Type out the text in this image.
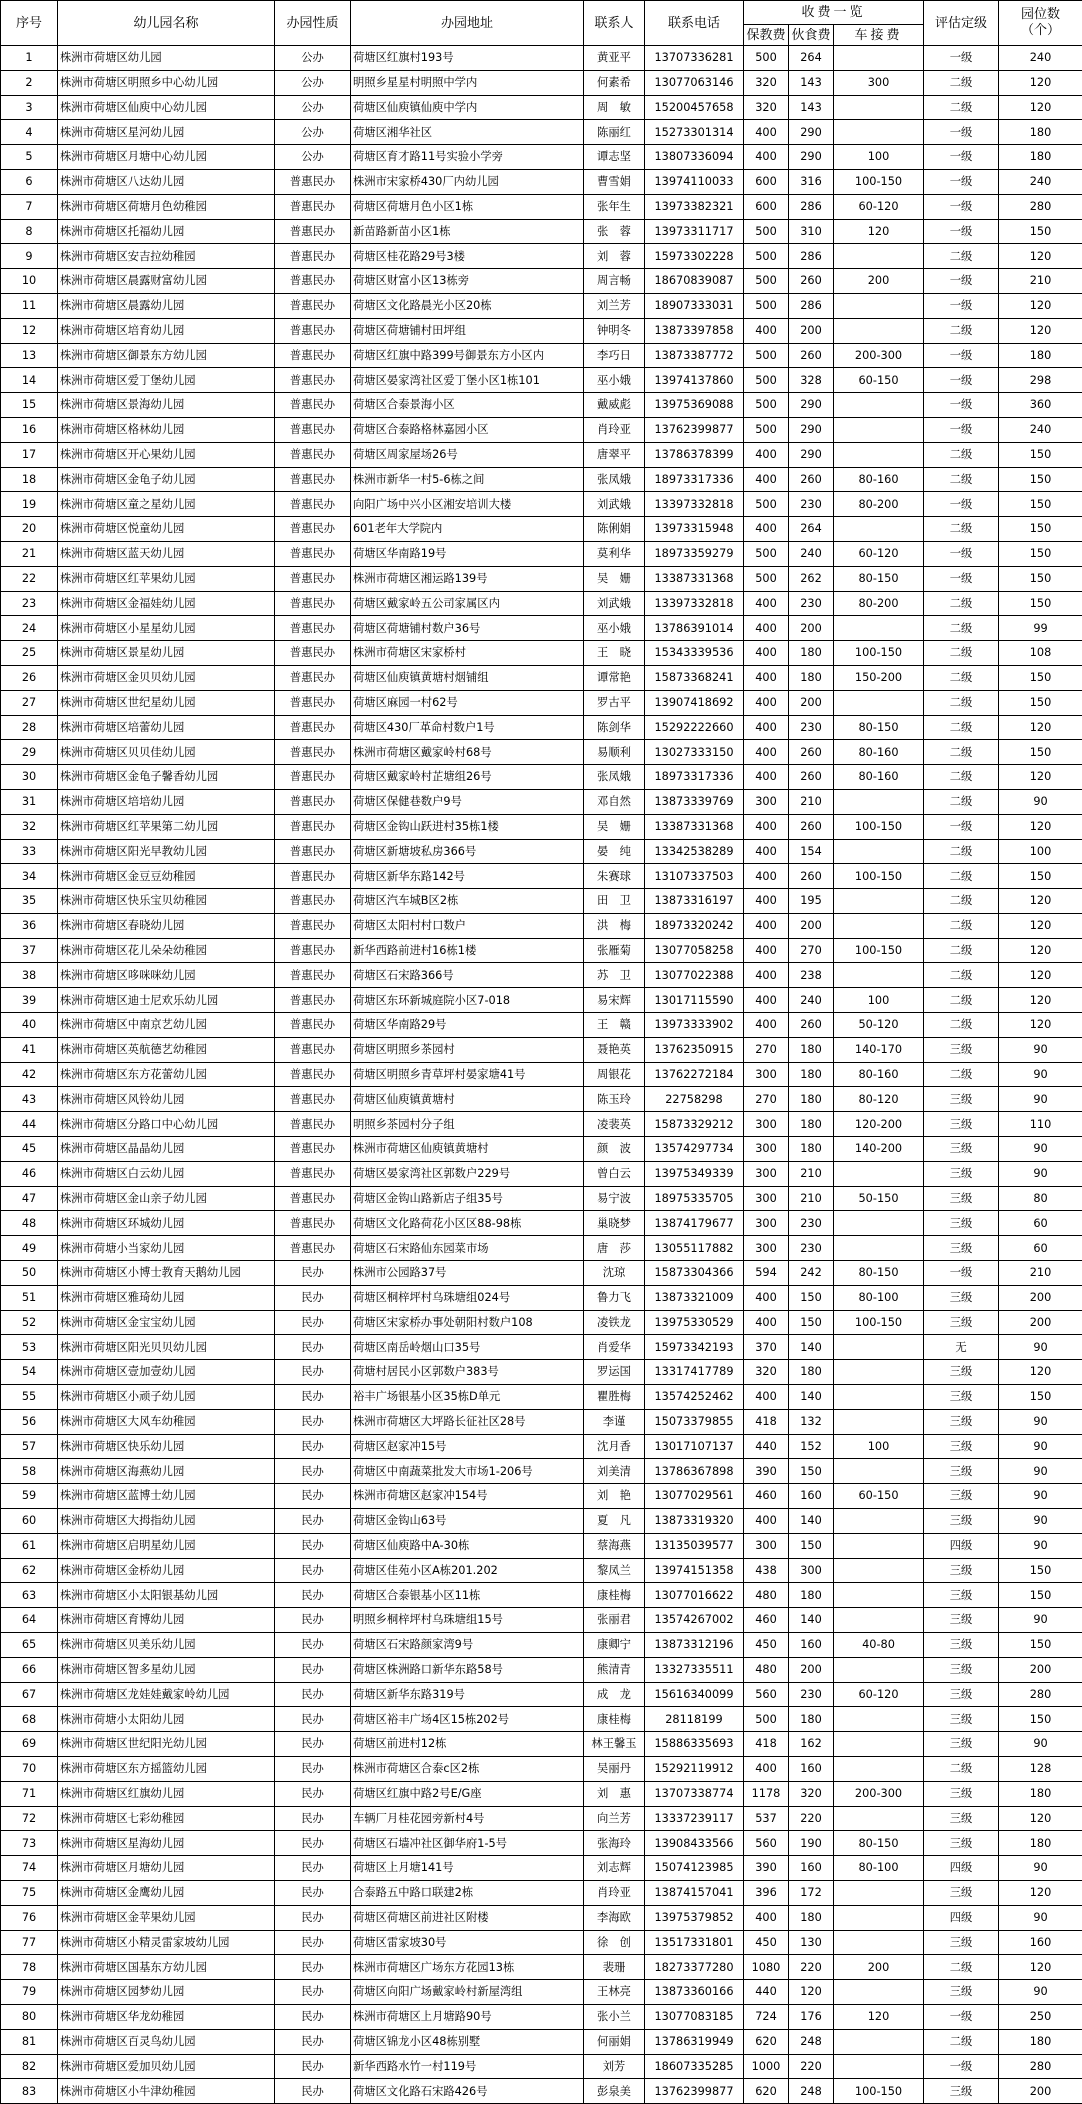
序号	幼儿园名称	办园性质	办园地址	联系人	联系电话	收费一览			评估定级	园位数
（个）
						保教费	伙食费	车接费		
1	株洲市荷塘区幼儿园	公办	荷塘区红旗村193号	黄亚平	13707336281	500	264		一级	240
2	株洲市荷塘区明照乡中心幼儿园	公办	明照乡星星村明照中学内	何素希	13077063146	320	143	300	二级	120
3	株洲市荷塘区仙庾中心幼儿园	公办	荷塘区仙庾镇仙庾中学内	周　敏	15200457658	320	143		二级	120
4	株洲市荷塘区星河幼儿园	公办	荷塘区湘华社区	陈丽红	15273301314	400	290		一级	180
5	株洲市荷塘区月塘中心幼儿园	公办	荷塘区育才路11号实验小学旁	谭志坚	13807336094	400	290	100	一级	180
6	株洲市荷塘区八达幼儿园	普惠民办	株洲市宋家桥430厂内幼儿园	曹雪娟	13974110033	600	316	100-150	一级	240
7	株洲市荷塘区荷塘月色幼稚园	普惠民办	荷塘区荷塘月色小区1栋	张年生	13973382321	600	286	60-120	一级	280
8	株洲市荷塘区托福幼儿园	普惠民办	新苗路新苗小区1栋	张　蓉	13973311717	500	310	120	一级	150
9	株洲市荷塘区安吉拉幼稚园	普惠民办	荷塘区桂花路29号3楼	刘　蓉	15973302228	500	286		二级	120
10	株洲市荷塘区晨露财富幼儿园	普惠民办	荷塘区财富小区13栋旁	周言畅	18670839087	500	260	200	一级	210
11	株洲市荷塘区晨露幼儿园	普惠民办	荷塘区文化路晨光小区20栋	刘兰芳	18907333031	500	286		一级	120
12	株洲市荷塘区培育幼儿园	普惠民办	荷塘区荷塘铺村田坪组	钟明冬	13873397858	400	200		二级	120
13	株洲市荷塘区御景东方幼儿园	普惠民办	荷塘区红旗中路399号御景东方小区内	李巧日	13873387772	500	260	200-300	一级	180
14	株洲市荷塘区爱丁堡幼儿园	普惠民办	荷塘区晏家湾社区爱丁堡小区1栋101	巫小娥	13974137860	500	328	60-150	一级	298
15	株洲市荷塘区景海幼儿园	普惠民办	荷塘区合泰景海小区	戴威彪	13975369088	500	290		一级	360
16	株洲市荷塘区格林幼儿园	普惠民办	荷塘区合泰路格林嘉园小区	肖玲亚	13762399877	500	290		一级	240
17	株洲市荷塘区开心果幼儿园	普惠民办	荷塘区周家屋场26号	唐翠平	13786378399	400	290		二级	150
18	株洲市荷塘区金龟子幼儿园	普惠民办	株洲市新华一村5-6栋之间	张凤娥	18973317336	400	260	80-160	二级	150
19	株洲市荷塘区童之星幼儿园	普惠民办	向阳广场中兴小区湘安培训大楼	刘武娥	13397332818	500	230	80-200	一级	150
20	株洲市荷塘区悦童幼儿园	普惠民办	601老年大学院内	陈俐娟	13973315948	400	264		二级	150
21	株洲市荷塘区蓝天幼儿园	普惠民办	荷塘区华南路19号	莫利华	18973359279	500	240	60-120	一级	150
22	株洲市荷塘区红苹果幼儿园	普惠民办	株洲市荷塘区湘运路139号	吴　姗	13387331368	500	262	80-150	一级	150
23	株洲市荷塘区金福娃幼儿园	普惠民办	荷塘区戴家岭五公司家属区内	刘武娥	13397332818	400	230	80-200	二级	150
24	株洲市荷塘区小星星幼儿园	普惠民办	荷塘区荷塘铺村数户36号	巫小娥	13786391014	400	200		二级	99
25	株洲市荷塘区景星幼儿园	普惠民办	株洲市荷塘区宋家桥村	王　晓	15343339536	400	180	100-150	二级	108
26	株洲市荷塘区金贝贝幼儿园	普惠民办	荷塘区仙庾镇黄塘村烟铺组	谭常艳	15873368241	400	180	150-200	二级	150
27	株洲市荷塘区世纪星幼儿园	普惠民办	荷塘区麻园一村62号	罗古平	13907418692	400	200		二级	150
28	株洲市荷塘区培蕾幼儿园	普惠民办	荷塘区430厂革命村数户1号	陈剑华	15292222660	400	230	80-150	二级	120
29	株洲市荷塘区贝贝佳幼儿园	普惠民办	株洲市荷塘区戴家岭村68号	易顺利	13027333150	400	260	80-160	二级	150
30	株洲市荷塘区金龟子馨香幼儿园	普惠民办	荷塘区戴家岭村芷塘组26号	张凤娥	18973317336	400	260	80-160	二级	120
31	株洲市荷塘区培培幼儿园	普惠民办	荷塘区保健巷数户9号	邓自然	13873339769	300	210		二级	90
32	株洲市荷塘区红苹果第二幼儿园	普惠民办	荷塘区金钩山跃进村35栋1楼	吴　姗	13387331368	400	260	100-150	一级	120
33	株洲市荷塘区阳光早教幼儿园	普惠民办	荷塘区新塘坡私房366号	晏　纯	13342538289	400	154		二级	100
34	株洲市荷塘区金豆豆幼稚园	普惠民办	荷塘区新华东路142号	朱赛球	13107337503	400	260	100-150	二级	150
35	株洲市荷塘区快乐宝贝幼稚园	普惠民办	荷塘区汽车城B区2栋	田　卫	13873316197	400	195		二级	120
36	株洲市荷塘区春晓幼儿园	普惠民办	荷塘区太阳村村口数户	洪　梅	18973320242	400	200		二级	120
37	株洲市荷塘区花儿朵朵幼稚园	普惠民办	新华西路前进村16栋1楼	张雁菊	13077058258	400	270	100-150	二级	120
38	株洲市荷塘区哆咪咪幼儿园	普惠民办	荷塘区石宋路366号	苏　卫	13077022388	400	238		二级	120
39	株洲市荷塘区迪士尼欢乐幼儿园	普惠民办	荷塘区东环新城庭院小区7-018	易宋辉	13017115590	400	240	100	二级	120
40	株洲市荷塘区中南京艺幼儿园	普惠民办	荷塘区华南路29号	王　赣	13973333902	400	260	50-120	二级	120
41	株洲市荷塘区英航德艺幼稚园	普惠民办	荷塘区明照乡茶园村	聂艳英	13762350915	270	180	140-170	三级	90
42	株洲市荷塘区东方花蕾幼儿园	普惠民办	荷塘区明照乡青草坪村晏家塘41号	周银花	13762272184	300	180	80-160	二级	90
43	株洲市荷塘区风铃幼儿园	普惠民办	荷塘区仙庾镇黄塘村	陈玉玲	22758298	270	180	80-120	三级	90
44	株洲市荷塘区分路口中心幼儿园	普惠民办	明照乡茶园村分子组	凌裴英	15873329212	300	180	120-200	三级	110
45	株洲市荷塘区晶晶幼儿园	普惠民办	株洲市荷塘区仙庾镇黄塘村	颜　波	13574297734	300	180	140-200	三级	90
46	株洲市荷塘区白云幼儿园	普惠民办	荷塘区晏家湾社区郭数户229号	曾白云	13975349339	300	210		三级	90
47	株洲市荷塘区金山亲子幼儿园	普惠民办	荷塘区金钩山路新店子组35号	易宁波	18975335705	300	210	50-150	三级	80
48	株洲市荷塘区环城幼儿园	普惠民办	荷塘区文化路荷花小区区88-98栋	巢晓梦	13874179677	300	230		三级	60
49	株洲市荷塘小当家幼儿园	普惠民办	荷塘区石宋路仙东园菜市场	唐　莎	13055117882	300	230		三级	60
50	株洲市荷塘区小博士教育天鹅幼儿园	民办	株洲市公园路37号	沈琼	15873304366	594	242	80-150	一级	210
51	株洲市荷塘区雅琦幼儿园	民办	荷塘区桐梓坪村乌珠塘组024号	鲁力飞	13873321009	400	150	80-100	三级	200
52	株洲市荷塘区金宝宝幼儿园	民办	荷塘区宋家桥办事处朝阳村数户108	凌铁龙	13975330529	400	150	100-150	三级	200
53	株洲市荷塘区阳光贝贝幼儿园	民办	荷塘区南岳岭烟山口35号	肖爱华	15973342193	370	140		无	90
54	株洲市荷塘区壹加壹幼儿园	民办	荷塘村居民小区郭数户383号	罗运国	13317417789	320	180		三级	120
55	株洲市荷塘区小顽子幼儿园	民办	裕丰广场银基小区35栋D单元	瞿胜梅	13574252462	400	140		三级	150
56	株洲市荷塘区大风车幼稚园	民办	株洲市荷塘区大坪路长征社区28号	李谨	15073379855	418	132		三级	90
57	株洲市荷塘区快乐幼儿园	民办	荷塘区赵家冲15号	沈月香	13017107137	440	152	100	三级	90
58	株洲市荷塘区海燕幼儿园	民办	荷塘区中南蔬菜批发大市场1-206号	刘美清	13786367898	390	150		三级	90
59	株洲市荷塘区蓝博士幼儿园	民办	株洲市荷塘区赵家冲154号	刘　艳	13077029561	460	160	60-150	三级	90
60	株洲市荷塘区大拇指幼儿园	民办	荷塘区金钩山63号	夏　凡	13873319320	400	140		三级	90
61	株洲市荷塘区启明星幼儿园	民办	荷塘区仙庾路中A-30栋	蔡海燕	13135039577	300	150		四级	90
62	株洲市荷塘区金桥幼儿园	民办	荷塘区佳苑小区A栋201.202	黎凤兰	13974151358	438	300		三级	150
63	株洲市荷塘区小太阳银基幼儿园	民办	荷塘区合泰银基小区11栋	康桂梅	13077016622	480	180		三级	150
64	株洲市荷塘区育博幼儿园	民办	明照乡桐梓坪村乌珠塘组15号	张丽君	13574267002	460	140		三级	90
65	株洲市荷塘区贝美乐幼儿园	民办	荷塘区石宋路颜家湾9号	康卿宁	13873312196	450	160	40-80	三级	150
66	株洲市荷塘区智多星幼儿园	民办	荷塘区株洲路口新华东路58号	熊清青	13327335511	480	200		三级	200
67	株洲市荷塘区龙娃娃戴家岭幼儿园	民办	荷塘区新华东路319号	成　龙	15616340099	560	230	60-120	三级	280
68	株洲市荷塘小太阳幼儿园	民办	荷塘区裕丰广场4区15栋202号	康桂梅	28118199	500	180		三级	150
69	株洲市荷塘区世纪阳光幼儿园	民办	荷塘区前进村12栋	林王馨玉	15886335693	418	162		三级	90
70	株洲市荷塘区东方摇篮幼儿园	民办	株洲市荷塘区合泰c区2栋	吴丽丹	15292119912	400	160		二级	128
71	株洲市荷塘区红旗幼儿园	民办	荷塘区红旗中路2号E/G座	刘　惠	13707338774	1178	320	200-300	三级	180
72	株洲市荷塘区七彩幼稚园	民办	车辆厂月桂花园旁新村4号	向兰芳	13337239117	537	220		三级	120
73	株洲市荷塘区星海幼儿园	民办	荷塘区石墙冲社区御华府1-5号	张海玲	13908433566	560	190	80-150	三级	180
74	株洲市荷塘区月塘幼儿园	民办	荷塘区上月塘141号	刘志辉	15074123985	390	160	80-100	四级	90
75	株洲市荷塘区金鹰幼儿园	民办	合泰路五中路口联建2栋	肖玲亚	13874157041	396	172		三级	120
76	株洲市荷塘区金苹果幼儿园	民办	荷塘区荷塘区前进社区附楼	李海欧	13975379852	400	180		四级	90
77	株洲市荷塘区小精灵雷家坡幼儿园	民办	荷塘区雷家坡30号	徐　创	13517331801	450	130		三级	160
78	株洲市荷塘区国基东方幼儿园	民办	株洲市荷塘区广场东方花园13栋	裴珊	18273377280	1080	220	200	二级	120
79	株洲市荷塘区园梦幼儿园	民办	荷塘区向阳广场戴家岭村新屋湾组	王林亮	13873360166	440	120		三级	90
80	株洲市荷塘区华龙幼稚园	民办	株洲市荷塘区上月塘路90号	张小兰	13077083185	724	176	120	一级	250
81	株洲市荷塘区百灵鸟幼儿园	民办	荷塘区锦龙小区48栋别墅	何丽娟	13786319949	620	248		二级	180
82	株洲市荷塘区爱加贝幼儿园	民办	新华西路水竹一村119号	刘芳	18607335285	1000	220		一级	280
83	株洲市荷塘区小牛津幼稚园	民办	荷塘区文化路石宋路426号	彭泉美	13762399877	620	248	100-150	三级	200
